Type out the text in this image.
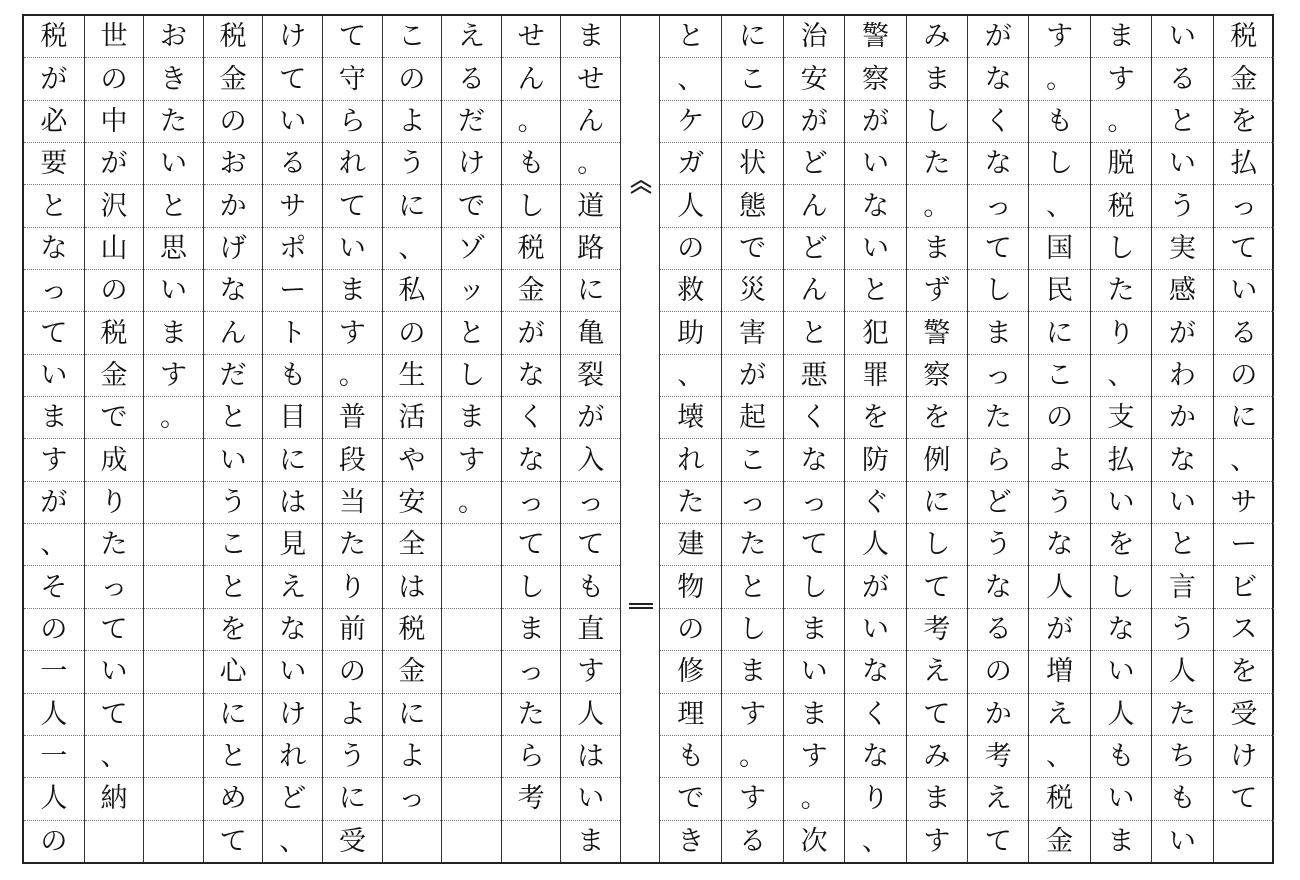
ま
せ
ん
。
道
路
に
亀
裂
が
入
っ
て
も
直
す
人
は
い
ま
せ
ん
。
も
し
税
金
が
な
く
な
っ
て
し
ま
っ
た
ら
考
え
る
だ
け
で
ゾ
ッ
と
し
ま
す
。
こ
の
よ
う
に
、
私
の
生
活
や
安
全
は
税
金
に
よ
っ
て
守
ら
れ
て
い
ま
す
。
普
段
当
た
り
前
の
よ
う
に
受
け
て
い
る
サ
ポ
ー
ト
も
目
に
は
見
え
な
い
け
れ
ど
、
税
金
の
お
か
げ
な
ん
だ
と
い
う
こ
と
を
心
に
と
め
て
お
き
た
い
と
思
い
ま
す
。
世
の
中
が
沢
山
の
税
金
で
成
り
た
っ
て
い
て
、
納
税
が
必
要
と
な
っ
て
い
ま
す
が
、
そ
の
一
人
一
人
の
税
金
を
払
っ
て
い
る
の
に
、
サ
ー
ビ
ス
を
受
け
て
い
る
と
い
う
実
感
が
わ
か
な
い
と
言
う
人
た
ち
も
い
ま
す
。
脱
税
し
た
り
、
支
払
い
を
し
な
い
人
も
い
ま
す
。
も
し
、
国
民
に
こ
の
よ
う
な
人
が
増
え
、
税
金
が
な
く
な
っ
て
し
ま
っ
た
ら
ど
う
な
る
の
か
考
え
て
み
ま
し
た
。
ま
ず
警
察
を
例
に
し
て
考
え
て
み
ま
す
警
察
が
い
な
い
と
犯
罪
を
防
ぐ
人
が
い
な
く
な
り
、
治
安
が
ど
ん
ど
ん
と
悪
く
な
っ
て
し
ま
い
ま
す
。
次
に
こ
の
状
態
で
災
害
が
起
こ
っ
た
と
し
ま
す
。
す
る
と
、
ケ
ガ
人
の
救
助
、
壊
れ
た
建
物
の
修
理
も
で
き
